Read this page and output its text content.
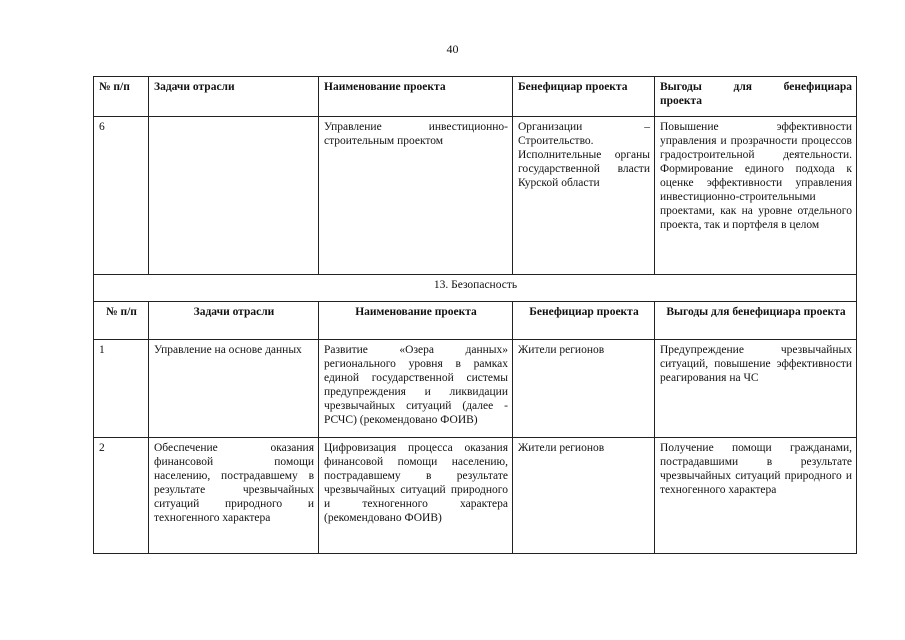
40
№ п/п	Задачи отрасли	Наименование проекта	Бенефициар проекта	Выгоды для бенефициара
проекта
6		Управление инвестиционно-строительным проектом	Организации – Строительство. Исполнительные органы государственной власти Курской области	Повышение эффективности управления и прозрачности процессов градостроительной деятельности. Формирование единого подхода к оценке эффективности управления инвестиционно-строительными проектами, как на уровне отдельного проекта, так и портфеля в целом
13. Безопасность				
№ п/п	Задачи отрасли	Наименование проекта	Бенефициар проекта	Выгоды для бенефициара проекта
1	Управление на основе данных	Развитие «Озера данных» регионального уровня в рамках единой государственной системы предупреждения и ликвидации чрезвычайных ситуаций (далее - РСЧС) (рекомендовано ФОИВ)	Жители регионов	Предупреждение чрезвычайных ситуаций, повышение эффективности реагирования на ЧС
2	Обеспечение оказания финансовой помощи населению, пострадавшему в результате чрезвычайных ситуаций природного и техногенного характера	Цифровизация процесса оказания финансовой помощи населению, пострадавшему в результате чрезвычайных ситуаций природного и техногенного характера (рекомендовано ФОИВ)	Жители регионов	Получение помощи гражданами, пострадавшими в результате чрезвычайных ситуаций природного и техногенного характера
